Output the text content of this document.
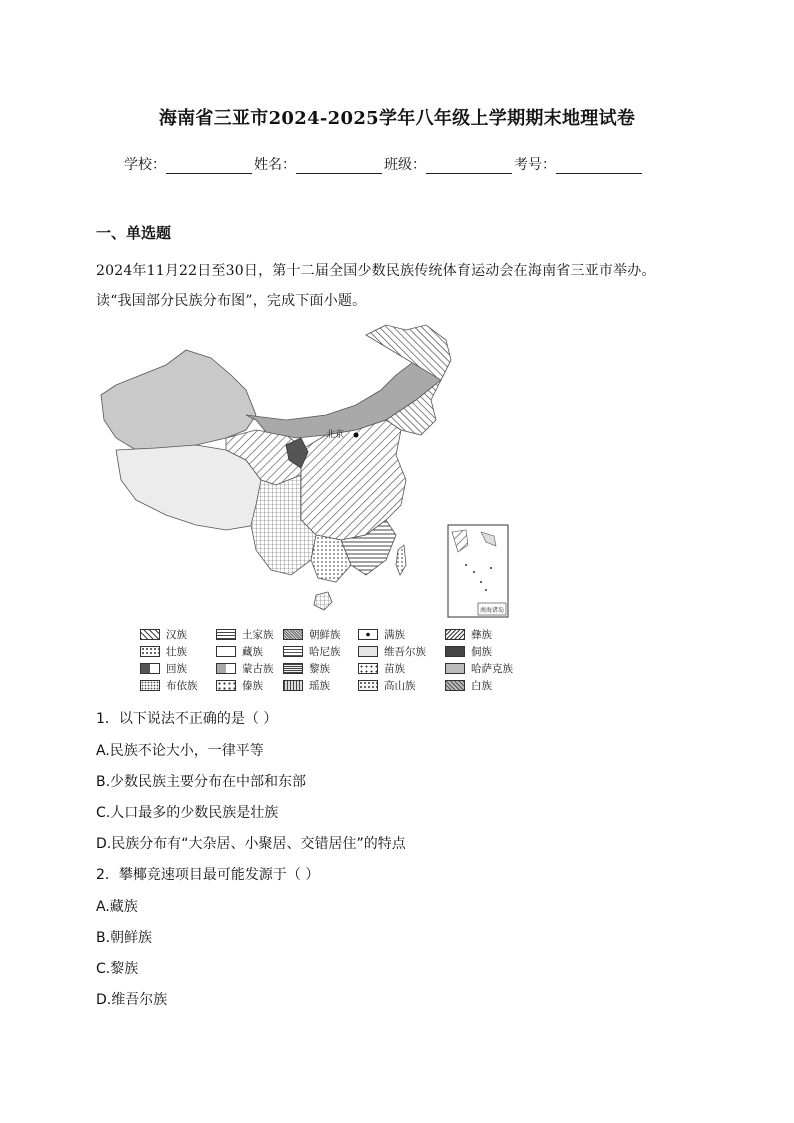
海南省三亚市2024-2025学年八年级上学期期末地理试卷
学校：	姓名：	班级：	考号：
一、单选题
2024年11月22日至30日，第十二届全国少数民族传统体育运动会在海南省三亚市举办。
读“我国部分民族分布图”，完成下面小题。
北京
南海诸岛
汉族	土家族	朝鲜族	满族	彝族
壮族	藏族	哈尼族	维吾尔族	侗族
回族	蒙古族	黎族	苗族	哈萨克族
布依族	傣族	瑶族	高山族	白族
1．以下说法不正确的是（ ）
A.民族不论大小，一律平等
B.少数民族主要分布在中部和东部
C.人口最多的少数民族是壮族
D.民族分布有“大杂居、小聚居、交错居住”的特点
2．攀椰竞速项目最可能发源于（ ）
A.藏族
B.朝鲜族
C.黎族
D.维吾尔族
